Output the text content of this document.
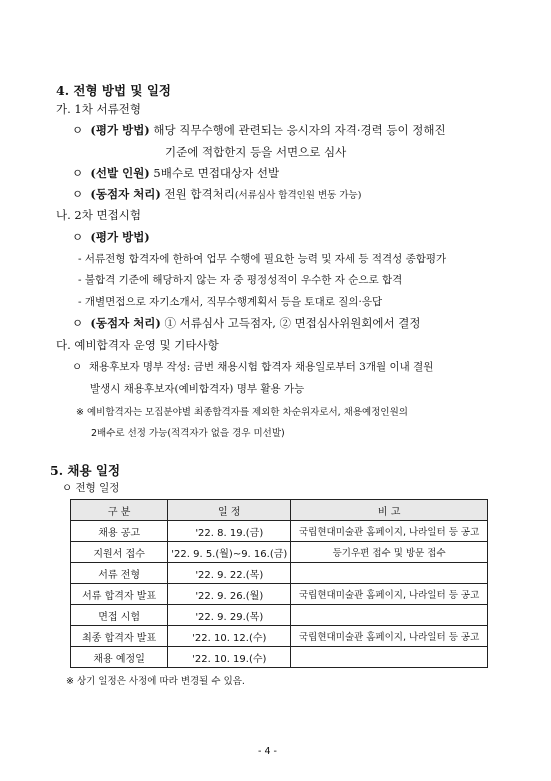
4. 전형 방법 및 일정
가. 1차 서류전형
ㅇ (평가 방법) 해당 직무수행에 관련되는 응시자의 자격·경력 등이 정해진
기준에 적합한지 등을 서면으로 심사
ㅇ (선발 인원) 5배수로 면접대상자 선발
ㅇ (동점자 처리) 전원 합격처리(서류심사 합격인원 변동 가능)
나. 2차 면접시험
ㅇ (평가 방법)
- 서류전형 합격자에 한하여 업무 수행에 필요한 능력 및 자세 등 적격성 종합평가
- 불합격 기준에 해당하지 않는 자 중 평정성적이 우수한 자 순으로 합격
- 개별면접으로 자기소개서, 직무수행계획서 등을 토대로 질의·응답
ㅇ (동점자 처리) ① 서류심사 고득점자, ② 면접심사위원회에서 결정
다. 예비합격자 운영 및 기타사항
ㅇ 채용후보자 명부 작성: 금번 채용시험 합격자 채용일로부터 3개월 이내 결원
발생시 채용후보자(예비합격자) 명부 활용 가능
※ 예비합격자는 모집분야별 최종합격자를 제외한 차순위자로서, 채용예정인원의
2배수로 선정 가능(적격자가 없을 경우 미선발)
5. 채용 일정
ㅇ 전형 일정
구 분	일 정	비 고
채용 공고	'22. 8. 19.(금)	국립현대미술관 홈페이지, 나라일터 등 공고
지원서 접수	'22. 9. 5.(월)~9. 16.(금)	등기우편 접수 및 방문 접수
서류 전형	'22. 9. 22.(목)	
서류 합격자 발표	'22. 9. 26.(월)	국립현대미술관 홈페이지, 나라일터 등 공고
면접 시험	'22. 9. 29.(목)	
최종 합격자 발표	'22. 10. 12.(수)	국립현대미술관 홈페이지, 나라일터 등 공고
채용 예정일	'22. 10. 19.(수)	
※ 상기 일정은 사정에 따라 변경될 수 있음.
- 4 -
